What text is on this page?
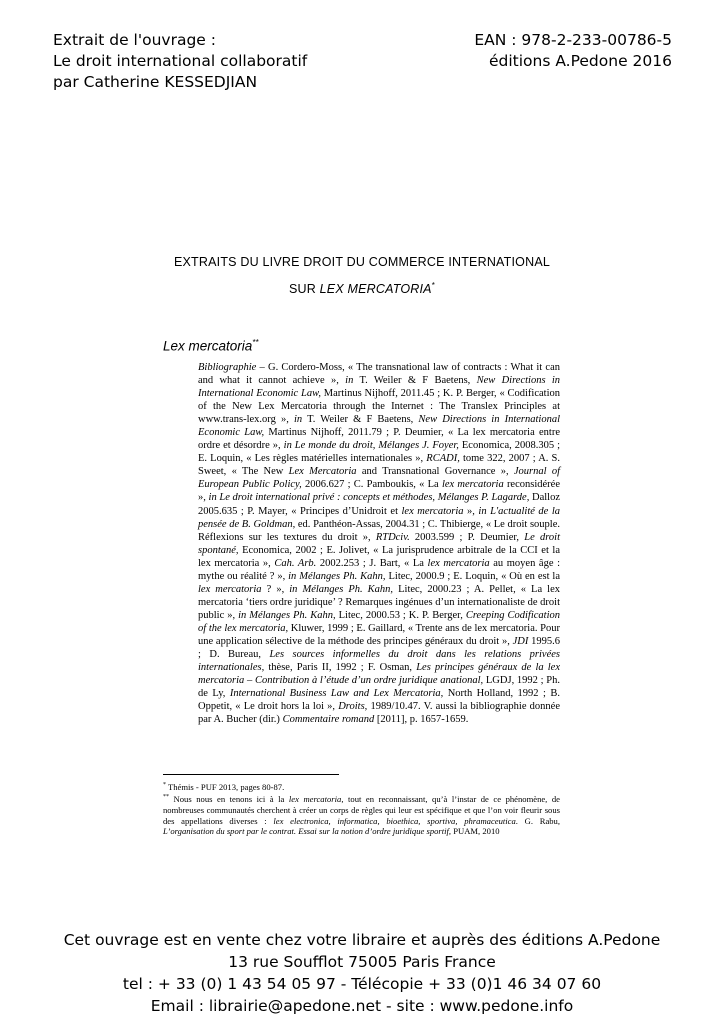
Extrait de l'ouvrage :
Le droit international collaboratif
par Catherine KESSEDJIAN
EAN : 978-2-233-00786-5
éditions A.Pedone 2016
EXTRAITS DU LIVRE DROIT DU COMMERCE INTERNATIONAL
SUR LEX MERCATORIA*
Lex mercatoria**
Bibliographie – G. Cordero-Moss, « The transnational law of contracts : What it can and what it cannot achieve », in T. Weiler & F Baetens, New Directions in International Economic Law, Martinus Nijhoff, 2011.45 ; K. P. Berger, « Codification of the New Lex Mercatoria through the Internet : The Translex Principles at www.trans-lex.org », in T. Weiler & F Baetens, New Directions in International Economic Law, Martinus Nijhoff, 2011.79 ; P. Deumier, « La lex mercatoria entre ordre et désordre », in Le monde du droit, Mélanges J. Foyer, Economica, 2008.305 ; E. Loquin, « Les règles matérielles internationales », RCADI, tome 322, 2007 ; A. S. Sweet, « The New Lex Mercatoria and Transnational Governance », Journal of European Public Policy, 2006.627 ; C. Pamboukis, « La lex mercatoria reconsidérée », in Le droit international privé : concepts et méthodes, Mélanges P. Lagarde, Dalloz 2005.635 ; P. Mayer, « Principes d’Unidroit et lex mercatoria », in L'actualité de la pensée de B. Goldman, ed. Panthéon-Assas, 2004.31 ; C. Thibierge, « Le droit souple. Réflexions sur les textures du droit », RTDciv. 2003.599 ; P. Deumier, Le droit spontané, Economica, 2002 ; E. Jolivet, « La jurisprudence arbitrale de la CCI et la lex mercatoria », Cah. Arb. 2002.253 ; J. Bart, « La lex mercatoria au moyen âge : mythe ou réalité ? », in Mélanges Ph. Kahn, Litec, 2000.9 ; E. Loquin, « Où en est la lex mercatoria ? », in Mélanges Ph. Kahn, Litec, 2000.23 ; A. Pellet, « La lex mercatoria ‘tiers ordre juridique’ ? Remarques ingénues d’un internationaliste de droit public », in Mélanges Ph. Kahn, Litec, 2000.53 ; K. P. Berger, Creeping Codification of the lex mercatoria, Kluwer, 1999 ; E. Gaillard, « Trente ans de lex mercatoria. Pour une application sélective de la méthode des principes généraux du droit », JDI 1995.6 ; D. Bureau, Les sources informelles du droit dans les relations privées internationales, thèse, Paris II, 1992 ; F. Osman, Les principes généraux de la lex mercatoria – Contribution à l’étude d’un ordre juridique anational, LGDJ, 1992 ; Ph. de Ly, International Business Law and Lex Mercatoria, North Holland, 1992 ; B. Oppetit, « Le droit hors la loi », Droits, 1989/10.47. V. aussi la bibliographie donnée par A. Bucher (dir.) Commentaire romand [2011], p. 1657-1659.
* Thémis - PUF 2013, pages 80-87.
** Nous nous en tenons ici à la lex mercatoria, tout en reconnaissant, qu’à l’instar de ce phénomène, de nombreuses communautés cherchent à créer un corps de règles qui leur est spécifique et que l’on voir fleurir sous des appellations diverses : lex electronica, informatica, bioethica, sportiva, phramaceutica. G. Rabu, L’organisation du sport par le contrat. Essai sur la notion d’ordre juridique sportif, PUAM, 2010
Cet ouvrage est en vente chez votre libraire et auprès des éditions A.Pedone
13 rue Soufflot 75005 Paris France
tel : + 33 (0) 1 43 54 05 97 - Télécopie + 33 (0)1 46 34 07 60
Email : librairie@apedone.net - site : www.pedone.info
